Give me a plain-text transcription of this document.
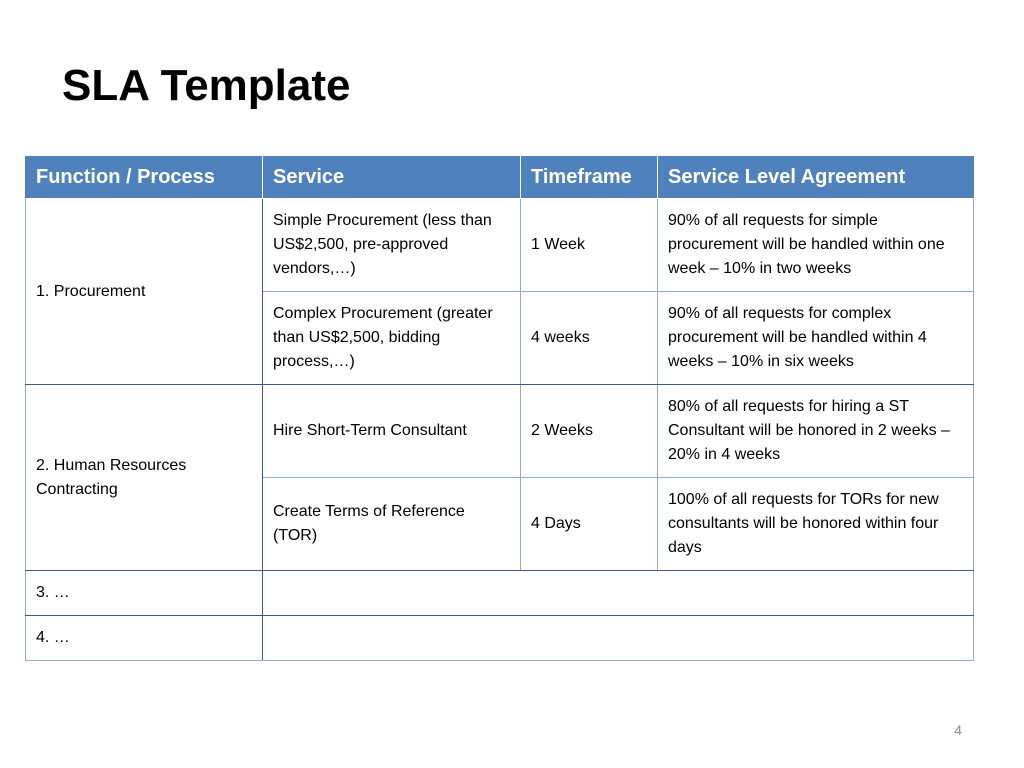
SLA Template
Function / Process	Service	Timeframe	Service Level Agreement
1. Procurement	Simple Procurement (less than US$2,500, pre-approved vendors,…)	1 Week	90% of all requests for simple procurement will be handled within one week – 10% in two weeks
	Complex Procurement (greater than US$2,500, bidding process,…)	4 weeks	90% of all requests for complex procurement will be handled within 4 weeks – 10% in six weeks
2. Human Resources Contracting	Hire Short-Term Consultant	2 Weeks	80% of all requests for hiring a ST Consultant will be honored in 2 weeks – 20% in 4 weeks
	Create Terms of Reference (TOR)	4 Days	100% of all requests for TORs for new consultants will be honored within four days
3. …			
4. …			
4
